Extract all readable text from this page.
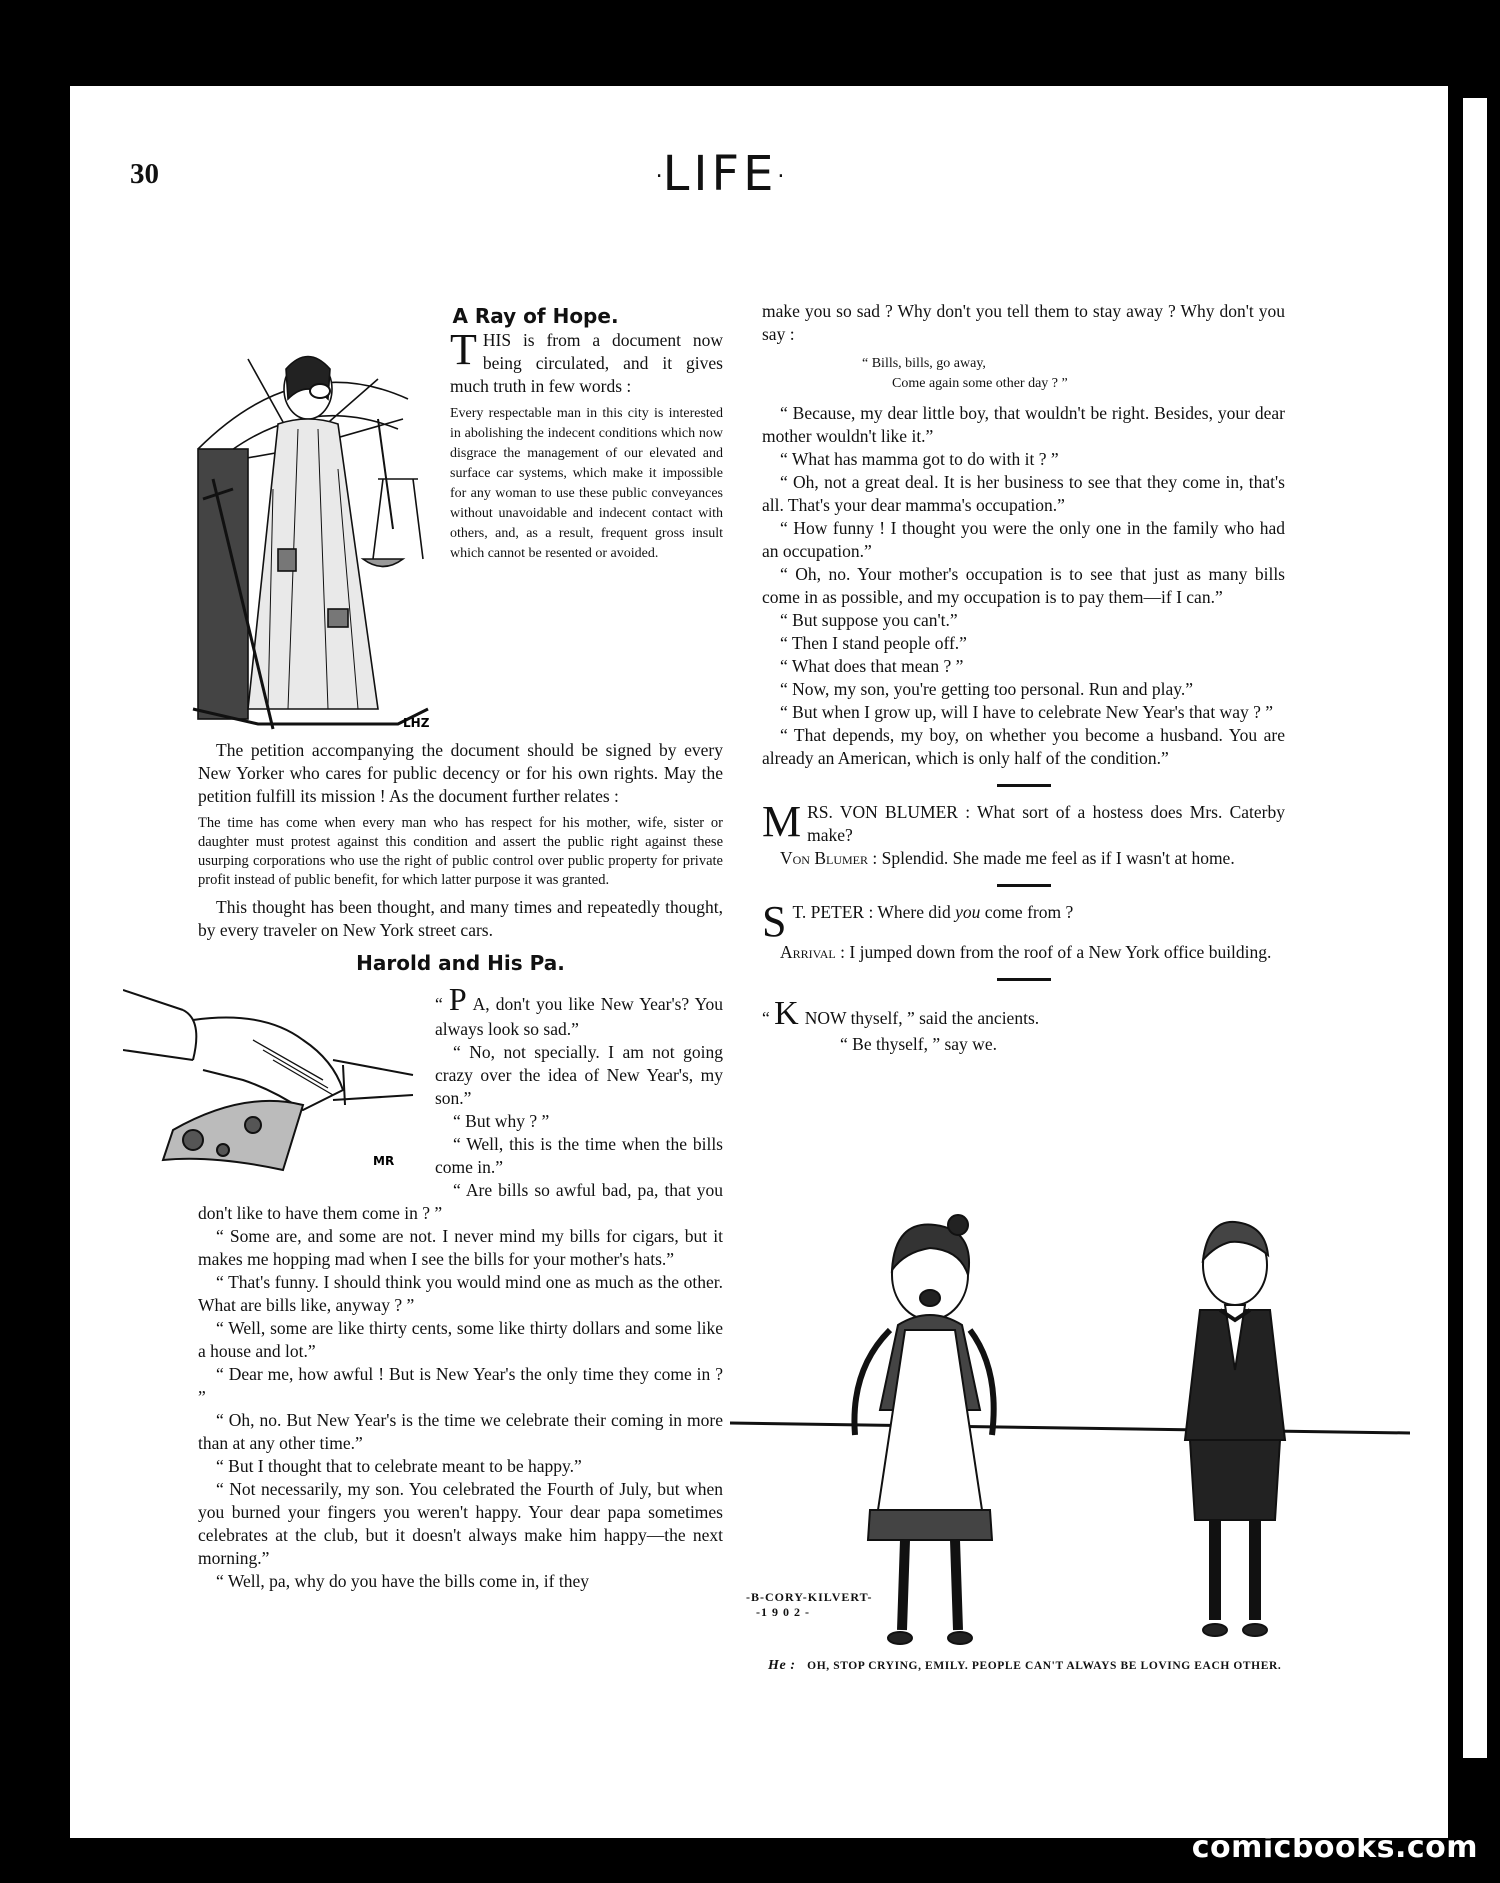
30	·LIFE·
A Ray of Hope.
LHZ

THIS is from a document now being circulated, and it gives much truth in few words :

Every respectable man in this city is interested in abolishing the indecent conditions which now disgrace the management of our elevated and surface car systems, which make it impossible for any woman to use these public conveyances without unavoidable and indecent contact with others, and, as a result, frequent gross insult which cannot be resented or avoided.

The petition accompanying the document should be signed by every New Yorker who cares for public decency or for his own rights. May the petition fulfill its mission ! As the document further relates :

The time has come when every man who has respect for his mother, wife, sister or daughter must protest against this condition and assert the public right against these usurping corporations who use the right of public control over public property for private profit instead of public benefit, for which latter purpose it was granted.

This thought has been thought, and many times and repeatedly thought, by every traveler on New York street cars.

Harold and His Pa.
MR

“ P A, don't you like New Year's? You always look so sad.”

“ No, not specially. I am not going crazy over the idea of New Year's, my son.”

“ But why ? ”

“ Well, this is the time when the bills come in.”

“ Are bills so awful bad, pa, that you don't like to have them come in ? ”

“ Some are, and some are not. I never mind my bills for cigars, but it makes me hopping mad when I see the bills for your mother's hats.”

“ That's funny. I should think you would mind one as much as the other. What are bills like, anyway ? ”

“ Well, some are like thirty cents, some like thirty dollars and some like a house and lot.”

“ Dear me, how awful ! But is New Year's the only time they come in ? ”

“ Oh, no. But New Year's is the time we celebrate their coming in more than at any other time.”

“ But I thought that to celebrate meant to be happy.”

“ Not necessarily, my son. You celebrated the Fourth of July, but when you burned your fingers you weren't happy. Your dear papa sometimes celebrates at the club, but it doesn't always make him happy—the next morning.”

“ Well, pa, why do you have the bills come in, if they

make you so sad ? Why don't you tell them to stay away ? Why don't you say :

“ Bills, bills, go away,
Come again some other day ? ”

“ Because, my dear little boy, that wouldn't be right. Besides, your dear mother wouldn't like it.”

“ What has mamma got to do with it ? ”

“ Oh, not a great deal. It is her business to see that they come in, that's all. That's your dear mamma's occupation.”

“ How funny ! I thought you were the only one in the family who had an occupation.”

“ Oh, no. Your mother's occupation is to see that just as many bills come in as possible, and my occupation is to pay them—if I can.”

“ But suppose you can't.”

“ Then I stand people off.”

“ What does that mean ? ”

“ Now, my son, you're getting too personal. Run and play.”

“ But when I grow up, will I have to celebrate New Year's that way ? ”

“ That depends, my boy, on whether you become a husband. You are already an American, which is only half of the condition.”

MRS. VON BLUMER : What sort of a hostess does Mrs. Caterby make?

Von Blumer : Splendid. She made me feel as if I wasn't at home.

S T. PETER : Where did you come from ?

Arrival : I jumped down from the roof of a New York office building.

“ K NOW thyself, ” said the ancients.

“ Be thyself, ” say we.

-B-CORY-KILVERT-
-1 9 0 2 -
He : OH, STOP CRYING, EMILY. PEOPLE CAN'T ALWAYS BE LOVING EACH OTHER.
comicbooks.com
